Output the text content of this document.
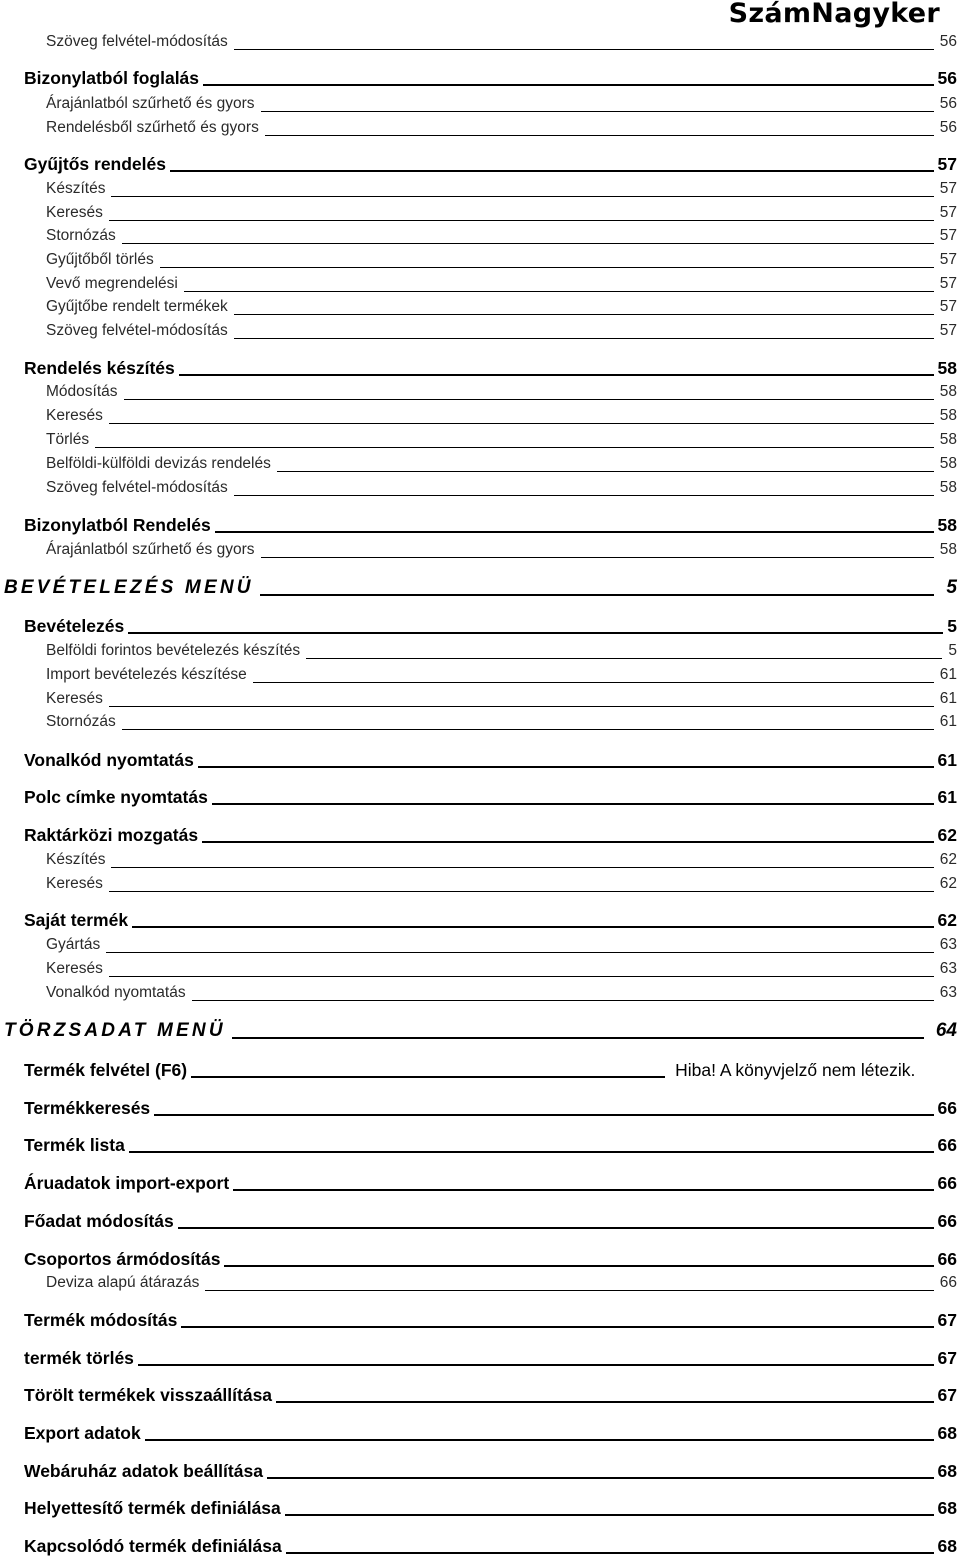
SzámNagyker
Szöveg felvétel-módosítás	56
Bizonylatból foglalás	56
Árajánlatból szűrhető és gyors	56
Rendelésből szűrhető és gyors	56
Gyűjtős rendelés	57
Készítés	57
Keresés	57
Stornózás	57
Gyűjtőből törlés	57
Vevő megrendelési	57
Gyűjtőbe rendelt termékek	57
Szöveg felvétel-módosítás	57
Rendelés készítés	58
Módosítás	58
Keresés	58
Törlés	58
Belföldi-külföldi devizás rendelés	58
Szöveg felvétel-módosítás	58
Bizonylatból Rendelés	58
Árajánlatból szűrhető és gyors	58
BEVÉTELEZÉS MENÜ	5
Bevételezés	5
Belföldi forintos bevételezés készítés	5
Import bevételezés készítése	61
Keresés	61
Stornózás	61
Vonalkód nyomtatás	61
Polc címke nyomtatás	61
Raktárközi mozgatás	62
Készítés	62
Keresés	62
Saját termék	62
Gyártás	63
Keresés	63
Vonalkód nyomtatás	63
TÖRZSADAT MENÜ	64
Termék felvétel (F6)	Hiba! A könyvjelző nem létezik.
Termékkeresés	66
Termék lista	66
Áruadatok import-export	66
Főadat módosítás	66
Csoportos ármódosítás	66
Deviza alapú átárazás	66
Termék módosítás	67
termék törlés	67
Törölt termékek visszaállítása	67
Export adatok	68
Webáruház adatok beállítása	68
Helyettesítő termék definiálása	68
Kapcsolódó termék definiálása	68
